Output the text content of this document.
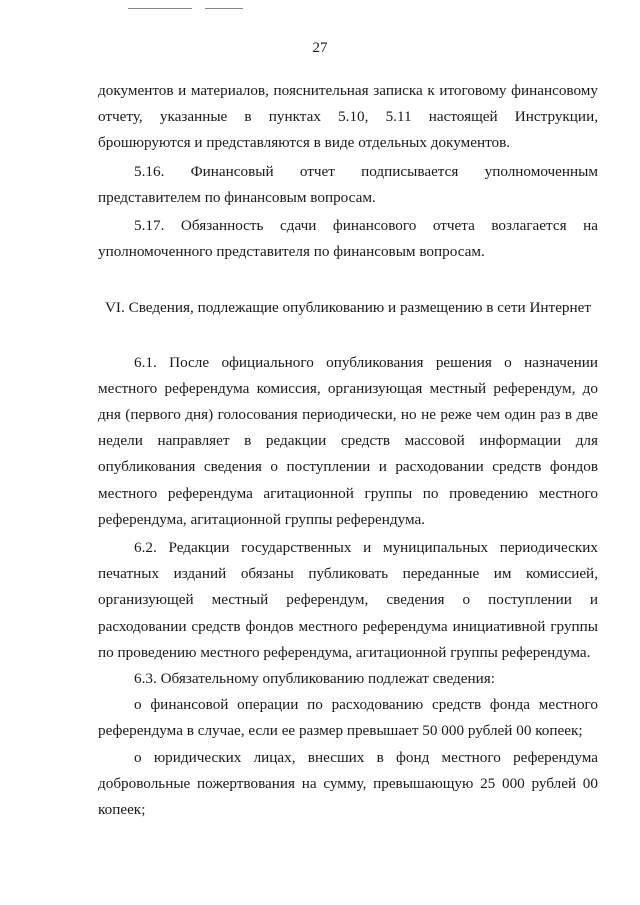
27

документов и материалов, пояснительная записка к итоговому финансовому отчету, указанные в пунктах 5.10, 5.11 настоящей Инструкции, брошюруются и представляются в виде отдельных документов.

5.16. Финансовый отчет подписывается уполномоченным представителем по финансовым вопросам.

5.17. Обязанность сдачи финансового отчета возлагается на уполномоченного представителя по финансовым вопросам.

VI. Сведения, подлежащие опубликованию и размещению в сети Интернет

6.1. После официального опубликования решения о назначении местного референдума комиссия, организующая местный референдум, до дня (первого дня) голосования периодически, но не реже чем один раз в две недели направляет в редакции средств массовой информации для опубликования сведения о поступлении и расходовании средств фондов местного референдума агитационной группы по проведению местного референдума, агитационной группы референдума.

6.2. Редакции государственных и муниципальных периодических печатных изданий обязаны публиковать переданные им комиссией, организующей местный референдум, сведения о поступлении и расходовании средств фондов местного референдума инициативной группы по проведению местного референдума, агитационной группы референдума.

6.3. Обязательному опубликованию подлежат сведения:

о финансовой операции по расходованию средств фонда местного референдума в случае, если ее размер превышает 50 000 рублей 00 копеек;

о юридических лицах, внесших в фонд местного референдума добровольные пожертвования на сумму, превышающую 25 000 рублей 00 копеек;
